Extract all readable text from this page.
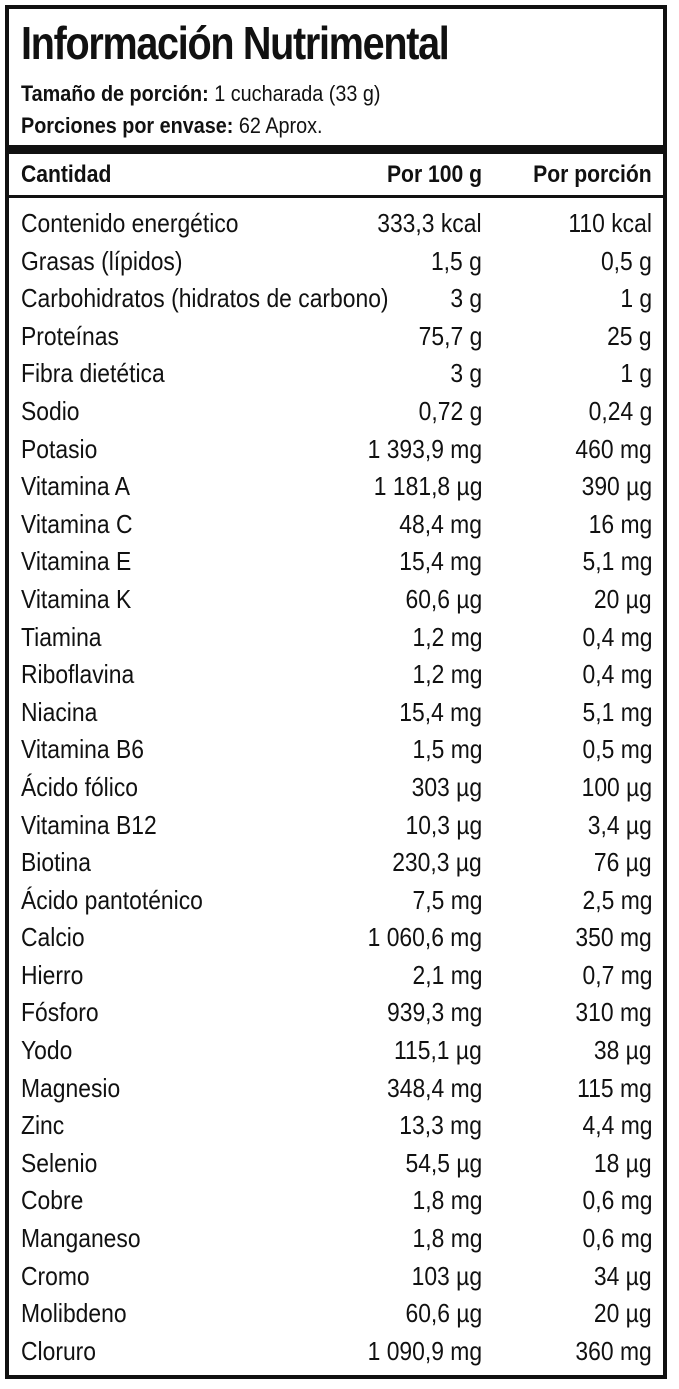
Información Nutrimental
Tamaño de porción: 1 cucharada (33 g)
Porciones por envase: 62 Aprox.
Cantidad	Por 100 g Por porción
Contenido energético	333,3 kcal	110 kcal
Grasas (lípidos)	1,5 g	0,5 g
Carbohidratos (hidratos de carbono) 3 g	1 g
Proteínas	75,7 g	25 g
Fibra dietética	3 g	1 g
Sodio	0,72 g	0,24 g
Potasio	1 393,9 mg	460 mg
Vitamina A	1 181,8 µg	390 µg
Vitamina C	48,4 mg	16 mg
Vitamina E	15,4 mg	5,1 mg
Vitamina K	60,6 µg	20 µg
Tiamina	1,2 mg	0,4 mg
Riboflavina	1,2 mg	0,4 mg
Niacina	15,4 mg	5,1 mg
Vitamina B6	1,5 mg	0,5 mg
Ácido fólico	303 µg	100 µg
Vitamina B12	10,3 µg	3,4 µg
Biotina	230,3 µg	76 µg
Ácido pantoténico	7,5 mg	2,5 mg
Calcio	1 060,6 mg	350 mg
Hierro	2,1 mg	0,7 mg
Fósforo	939,3 mg	310 mg
Yodo	115,1 µg	38 µg
Magnesio	348,4 mg	115 mg
Zinc	13,3 mg	4,4 mg
Selenio	54,5 µg	18 µg
Cobre	1,8 mg	0,6 mg
Manganeso	1,8 mg	0,6 mg
Cromo	103 µg	34 µg
Molibdeno	60,6 µg	20 µg
Cloruro	1 090,9 mg	360 mg
